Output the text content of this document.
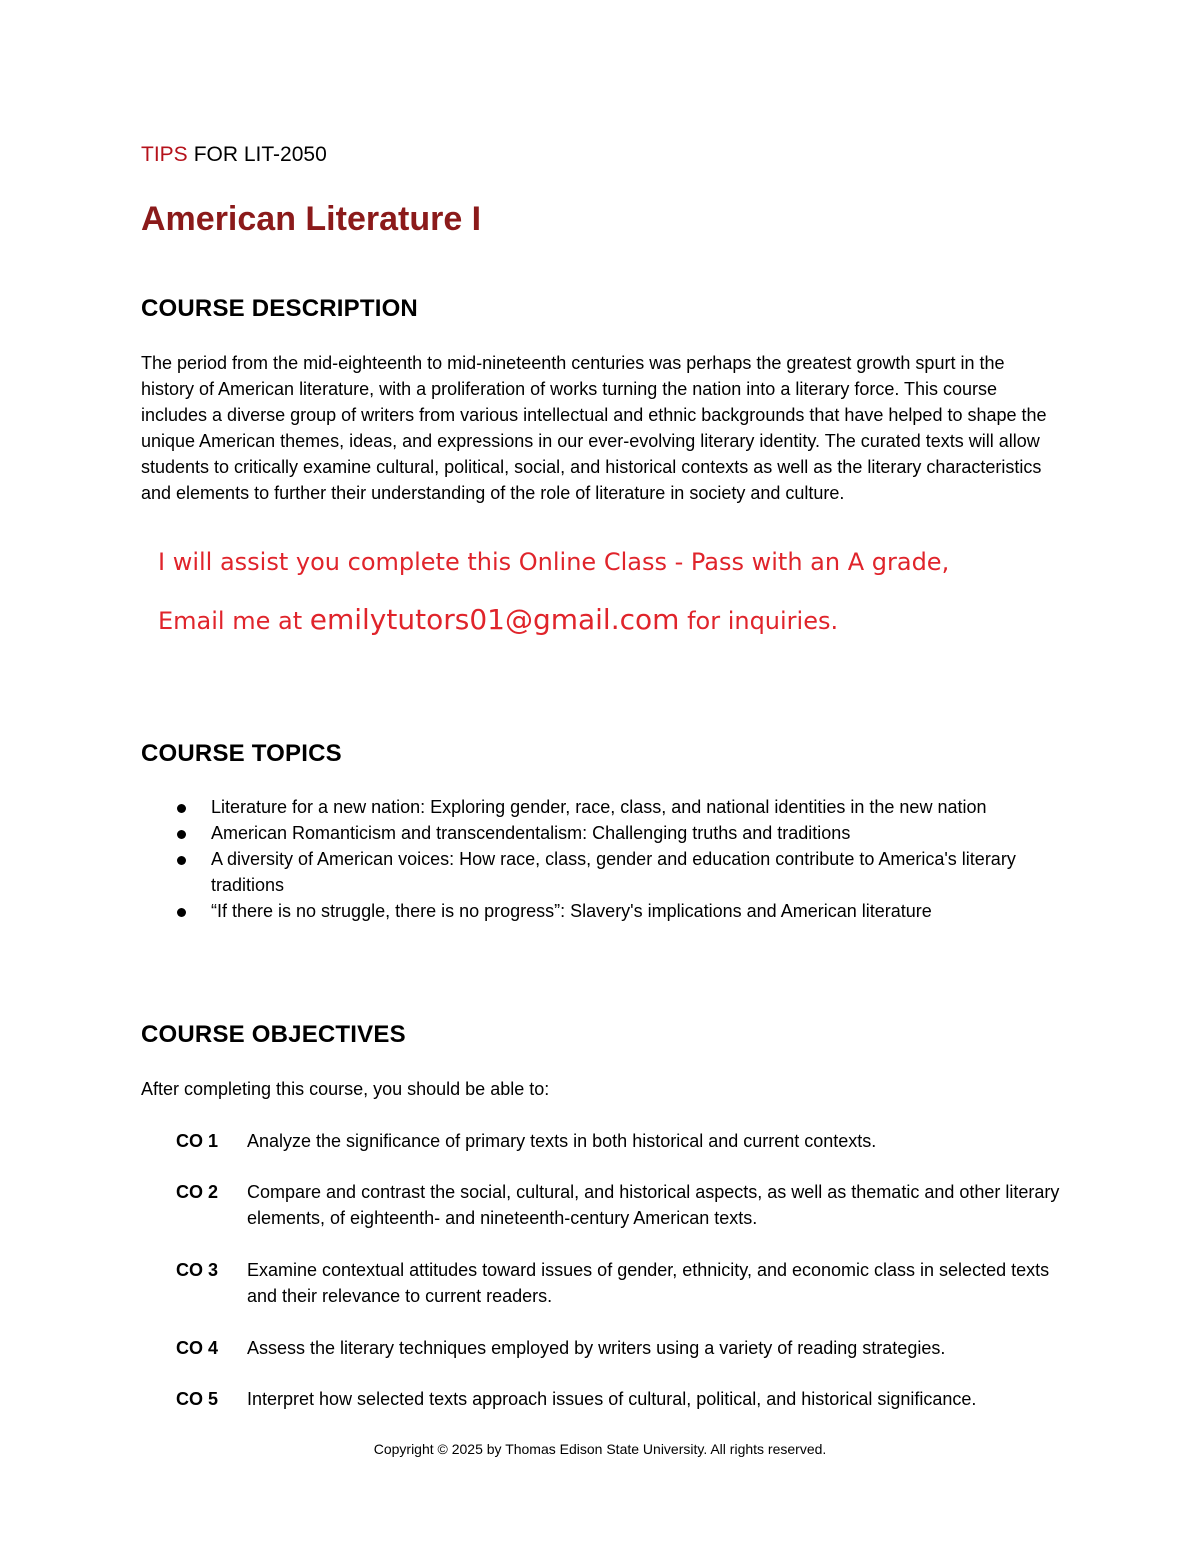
TIPS FOR LIT-2050
American Literature I
COURSE DESCRIPTION
The period from the mid-eighteenth to mid-nineteenth centuries was perhaps the greatest growth spurt in the history of American literature, with a proliferation of works turning the nation into a literary force. This course includes a diverse group of writers from various intellectual and ethnic backgrounds that have helped to shape the unique American themes, ideas, and expressions in our ever-evolving literary identity. The curated texts will allow students to critically examine cultural, political, social, and historical contexts as well as the literary characteristics and elements to further their understanding of the role of literature in society and culture.
I will assist you complete this Online Class - Pass with an A grade,
Email me at emilytutors01@gmail.com for inquiries.
COURSE TOPICS
Literature for a new nation: Exploring gender, race, class, and national identities in the new nation
American Romanticism and transcendentalism: Challenging truths and traditions
A diversity of American voices: How race, class, gender and education contribute to America's literary traditions
“If there is no struggle, there is no progress”: Slavery's implications and American literature
COURSE OBJECTIVES
After completing this course, you should be able to:
CO 1 Analyze the significance of primary texts in both historical and current contexts.
CO 2 Compare and contrast the social, cultural, and historical aspects, as well as thematic and other literary elements, of eighteenth- and nineteenth-century American texts.
CO 3 Examine contextual attitudes toward issues of gender, ethnicity, and economic class in selected texts and their relevance to current readers.
CO 4 Assess the literary techniques employed by writers using a variety of reading strategies.
CO 5 Interpret how selected texts approach issues of cultural, political, and historical significance.
Copyright © 2025 by Thomas Edison State University. All rights reserved.
